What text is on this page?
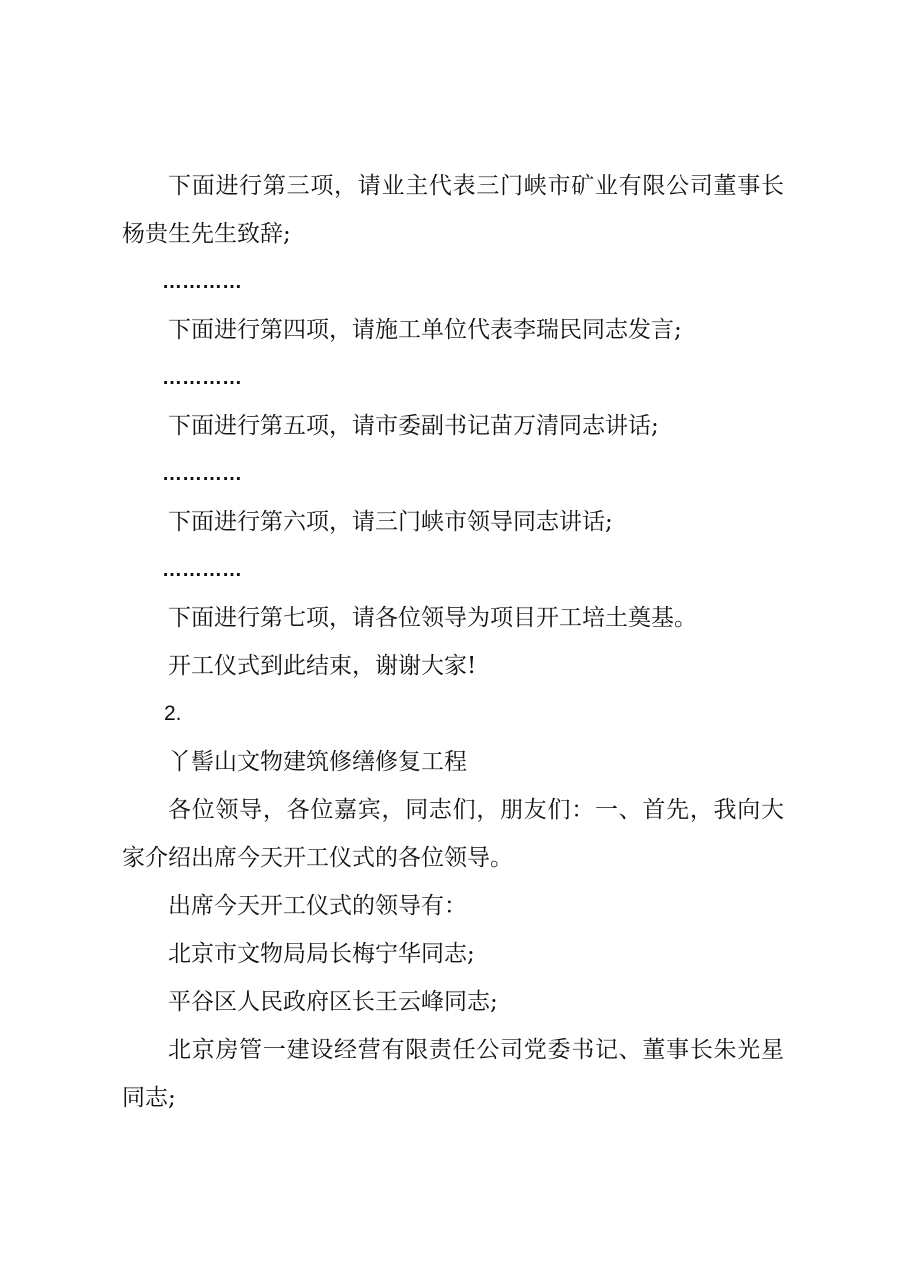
下面进行第三项，请业主代表三门峡市矿业有限公司董事长杨贵生先生致辞;

…………

下面进行第四项，请施工单位代表李瑞民同志发言;

…………

下面进行第五项，请市委副书记苗万清同志讲话;

…………

下面进行第六项，请三门峡市领导同志讲话;

…………

下面进行第七项，请各位领导为项目开工培土奠基。

开工仪式到此结束，谢谢大家!

2.

丫髻山文物建筑修缮修复工程

各位领导，各位嘉宾，同志们，朋友们：一、首先，我向大家介绍出席今天开工仪式的各位领导。

出席今天开工仪式的领导有：

北京市文物局局长梅宁华同志;

平谷区人民政府区长王云峰同志;

北京房管一建设经营有限责任公司党委书记、董事长朱光星同志;
